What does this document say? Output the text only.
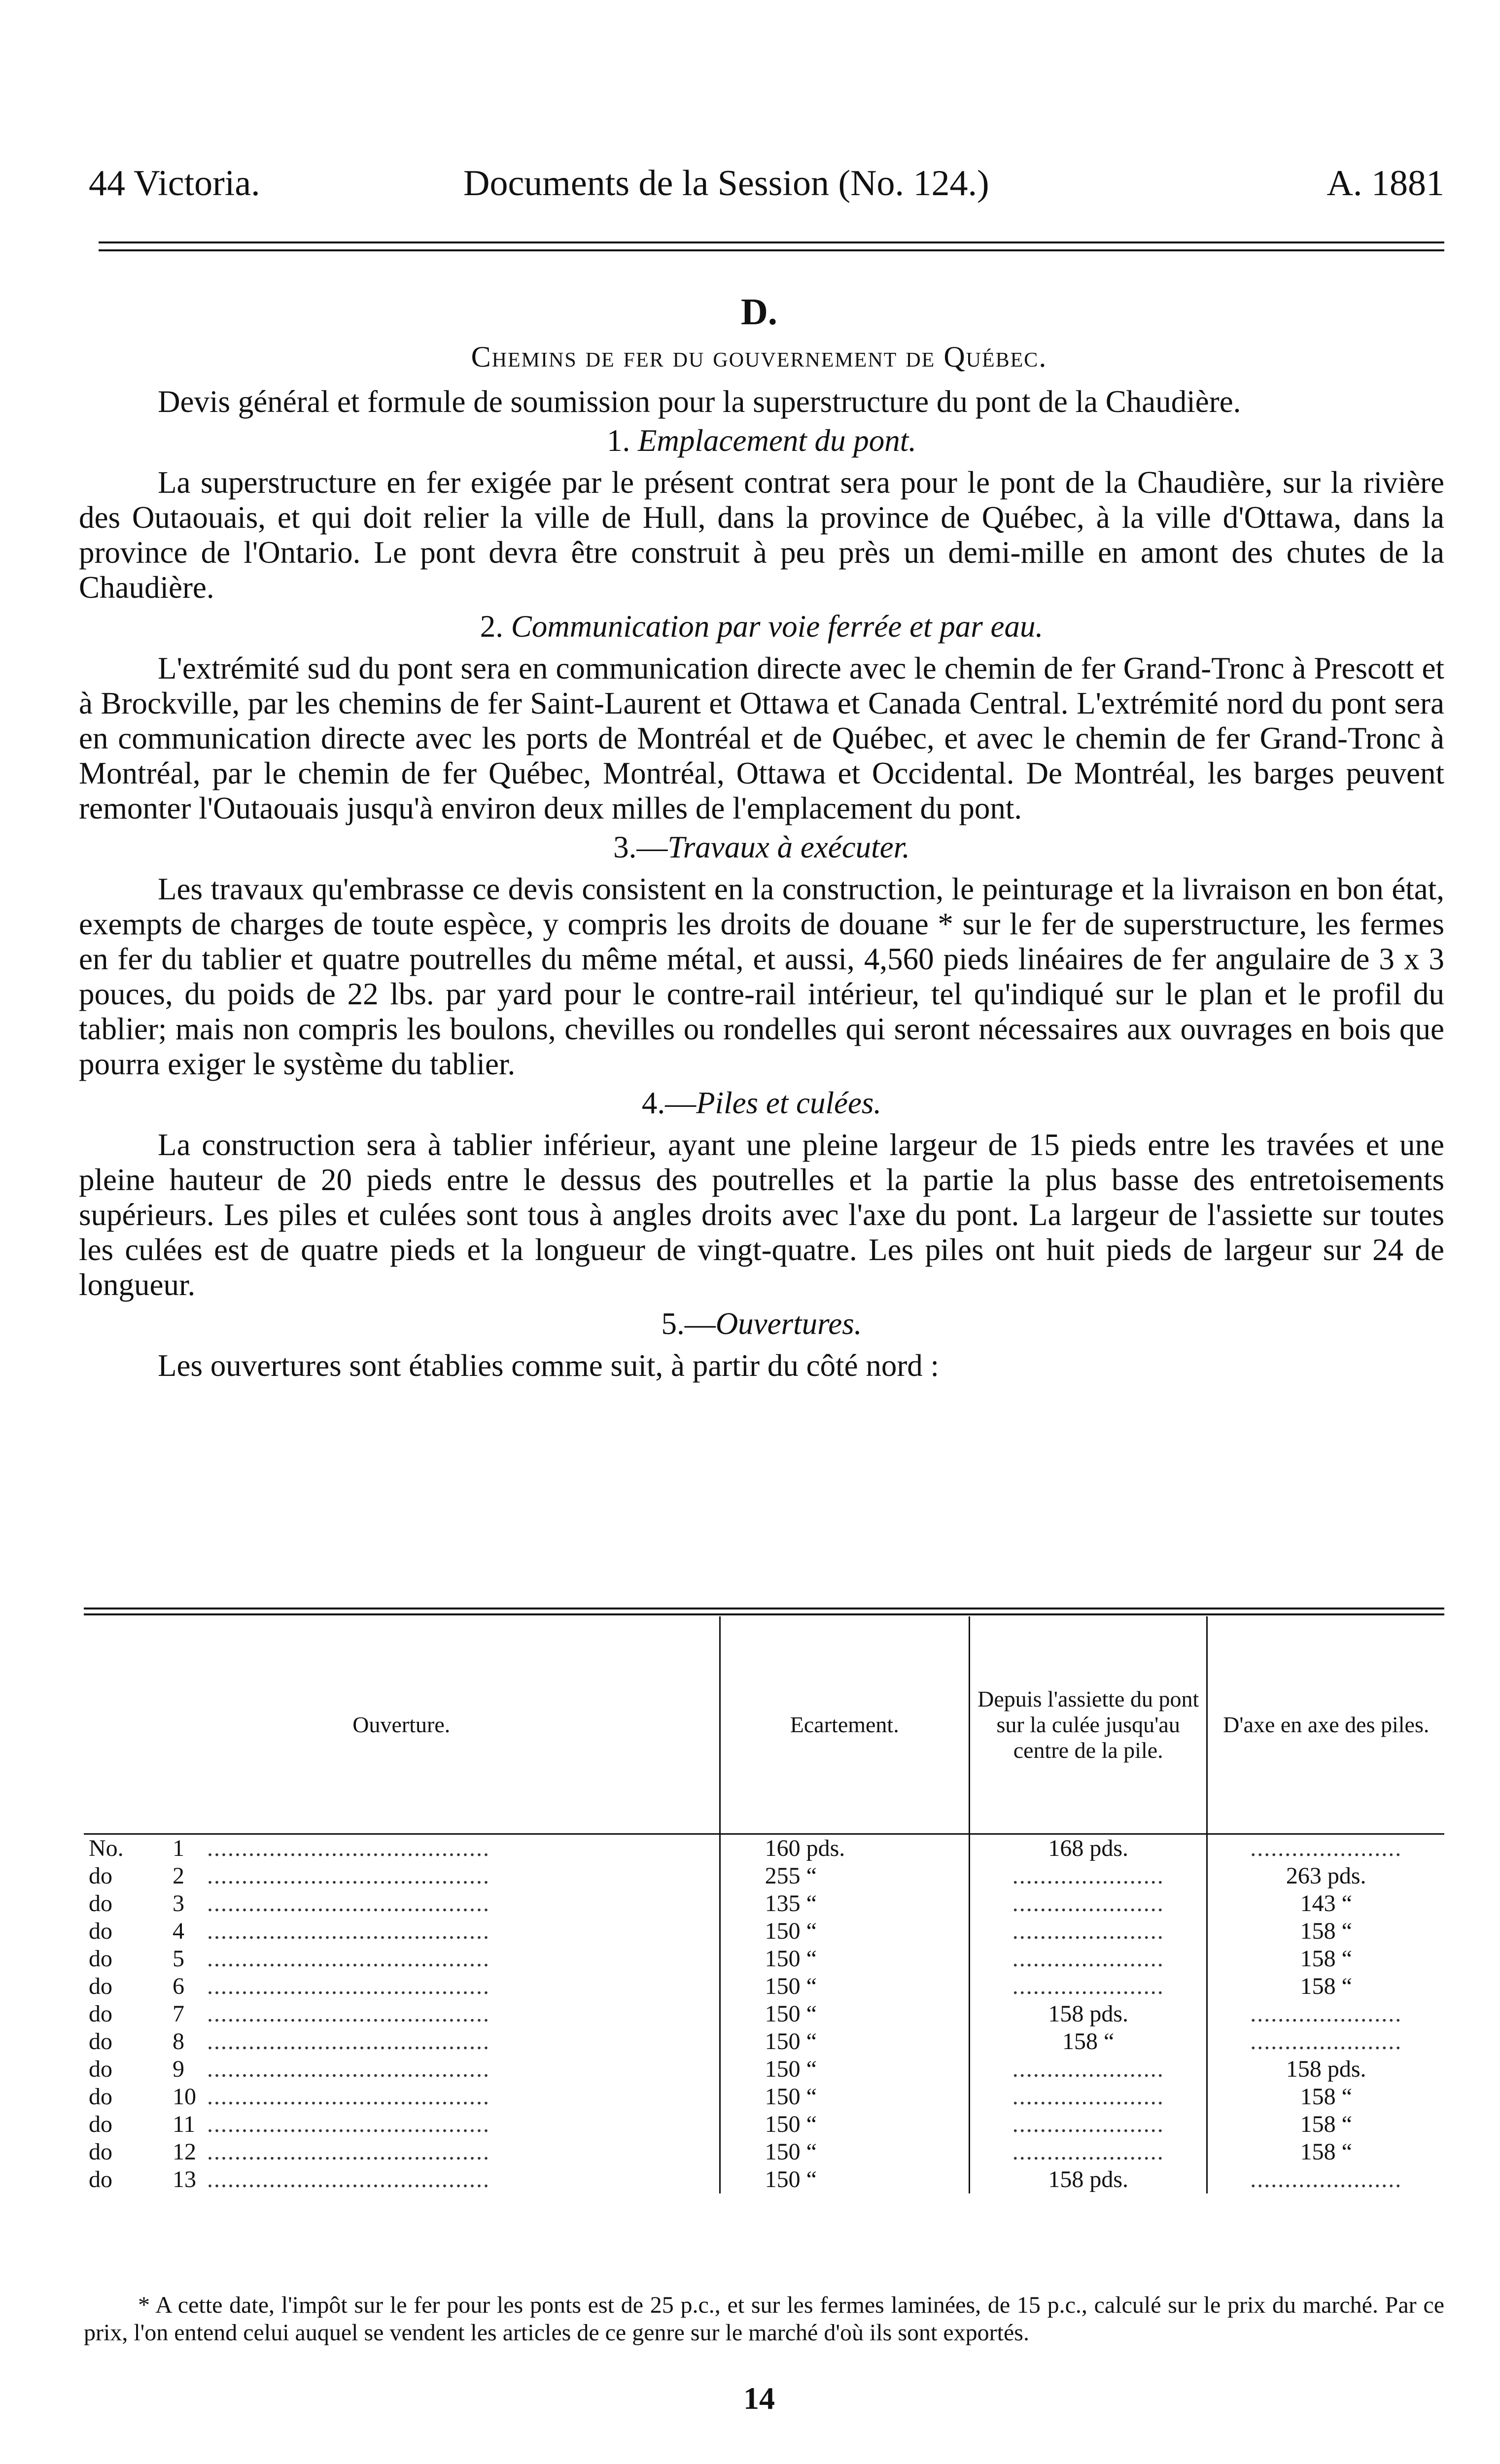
44 Victoria.	Documents de la Session (No. 124.)	A. 1881
D.
Chemins de fer du gouvernement de Québec.

Devis général et formule de soumission pour la superstructure du pont de la Chaudière.

1. Emplacement du pont.

La superstructure en fer exigée par le présent contrat sera pour le pont de la Chaudière, sur la rivière des Outaouais, et qui doit relier la ville de Hull, dans la province de Québec, à la ville d'Ottawa, dans la province de l'Ontario. Le pont devra être construit à peu près un demi-mille en amont des chutes de la Chaudière.

2. Communication par voie ferrée et par eau.

L'extrémité sud du pont sera en communication directe avec le chemin de fer Grand-Tronc à Prescott et à Brockville, par les chemins de fer Saint-Laurent et Ottawa et Canada Central. L'extrémité nord du pont sera en communication directe avec les ports de Montréal et de Québec, et avec le chemin de fer Grand-Tronc à Montréal, par le chemin de fer Québec, Montréal, Ottawa et Occidental. De Montréal, les barges peuvent remonter l'Outaouais jusqu'à environ deux milles de l'emplacement du pont.

3.—Travaux à exécuter.

Les travaux qu'embrasse ce devis consistent en la construction, le peinturage et la livraison en bon état, exempts de charges de toute espèce, y compris les droits de douane * sur le fer de superstructure, les fermes en fer du tablier et quatre poutrelles du même métal, et aussi, 4,560 pieds linéaires de fer angulaire de 3 x 3 pouces, du poids de 22 lbs. par yard pour le contre-rail intérieur, tel qu'indiqué sur le plan et le profil du tablier; mais non compris les boulons, chevilles ou rondelles qui seront nécessaires aux ouvrages en bois que pourra exiger le système du tablier.

4.—Piles et culées.

La construction sera à tablier inférieur, ayant une pleine largeur de 15 pieds entre les travées et une pleine hauteur de 20 pieds entre le dessus des poutrelles et la partie la plus basse des entretoisements supérieurs. Les piles et culées sont tous à angles droits avec l'axe du pont. La largeur de l'assiette sur toutes les culées est de quatre pieds et la longueur de vingt-quatre. Les piles ont huit pieds de largeur sur 24 de longueur.

5.—Ouvertures.

Les ouvertures sont établies comme suit, à partir du côté nord :

Ouverture.	Ecartement.	Depuis l'assiette du pont sur la culée jusqu'au centre de la pile.	D'axe en axe des piles.
No. 1 .........................................	160 pds.	168 pds.	......................
do 2 .........................................	255 “	......................	263 pds.
do 3 .........................................	135 “	......................	143 “
do 4 .........................................	150 “	......................	158 “
do 5 .........................................	150 “	......................	158 “
do 6 .........................................	150 “	......................	158 “
do 7 .........................................	150 “	158 pds.	......................
do 8 .........................................	150 “	158 “	......................
do 9 .........................................	150 “	......................	158 pds.
do 10 .........................................	150 “	......................	158 “
do 11 .........................................	150 “	......................	158 “
do 12 .........................................	150 “	......................	158 “
do 13 .........................................	150 “	158 pds.	......................

* A cette date, l'impôt sur le fer pour les ponts est de 25 p.c., et sur les fermes laminées, de 15 p.c., calculé sur le prix du marché. Par ce prix, l'on entend celui auquel se vendent les articles de ce genre sur le marché d'où ils sont exportés.

14
